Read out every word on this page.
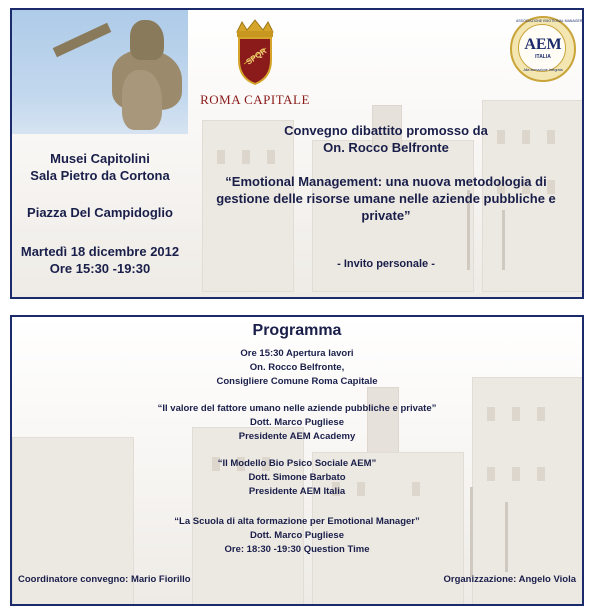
SPQR
ROMA CAPITALE
ASSOCIAZIONE EMOTIONAL MANAGER
AEM
ITALIA
Alta formazione Integrata
Musei Capitolini
Sala Pietro da Cortona
Piazza Del Campidoglio
Martedì 18 dicembre 2012
Ore 15:30 -19:30
Convegno dibattito promosso da
On. Rocco Belfronte
“Emotional Management: una nuova metodologia di
gestione delle risorse umane nelle aziende pubbliche e
private”
- Invito personale -
Programma
Ore 15:30 Apertura lavori
On. Rocco Belfronte,
Consigliere Comune Roma Capitale
“Il valore del fattore umano nelle aziende pubbliche e private”
Dott. Marco Pugliese
Presidente AEM Academy
“Il Modello Bio Psico Sociale AEM”
Dott. Simone Barbato
Presidente AEM Italia
“La Scuola di alta formazione per Emotional Manager”
Dott. Marco Pugliese
Ore: 18:30 -19:30 Question Time
Coordinatore convegno: Mario Fiorillo	Organizzazione: Angelo Viola
